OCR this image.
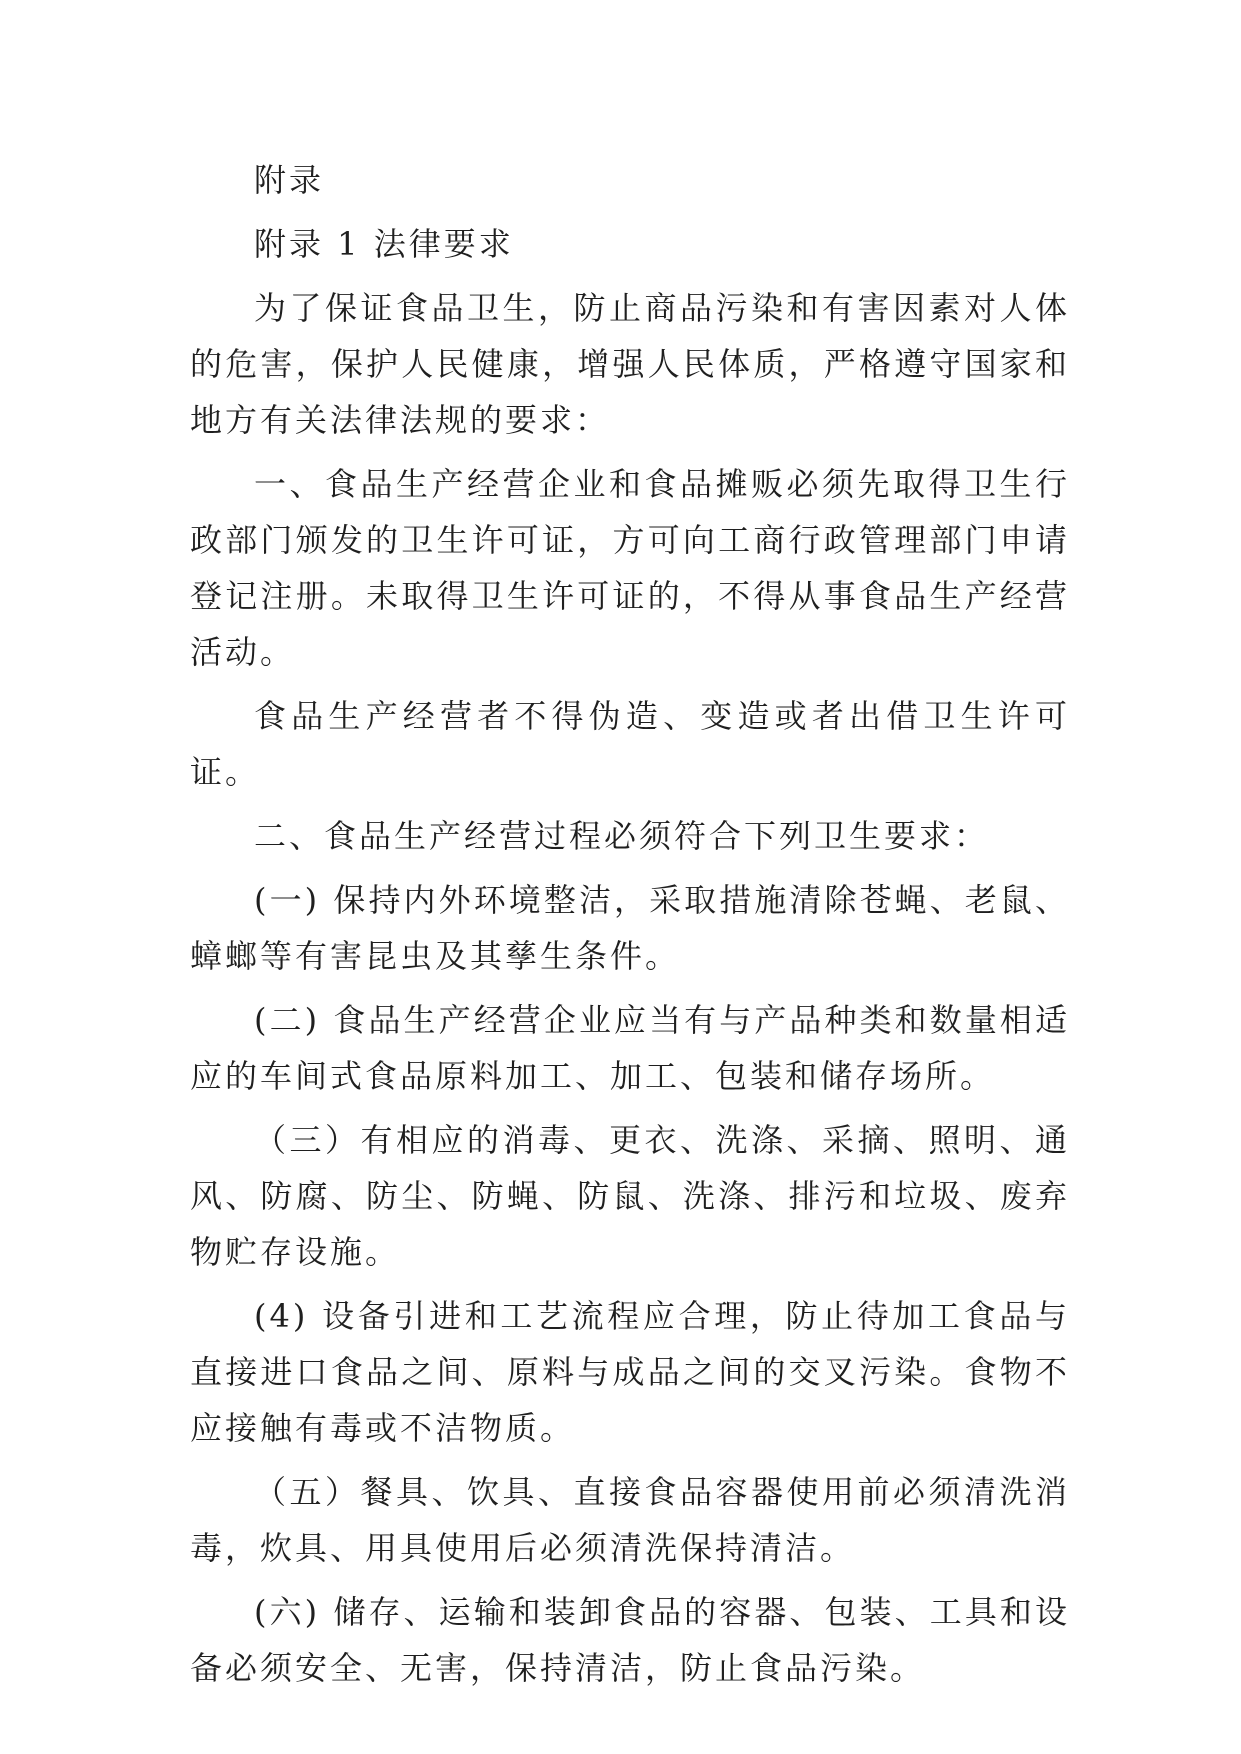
附录

附录 1 法律要求

为了保证食品卫生，防止商品污染和有害因素对人体的危害，保护人民健康，增强人民体质，严格遵守国家和地方有关法律法规的要求：

一、食品生产经营企业和食品摊贩必须先取得卫生行政部门颁发的卫生许可证，方可向工商行政管理部门申请登记注册。未取得卫生许可证的，不得从事食品生产经营活动。

食品生产经营者不得伪造、变造或者出借卫生许可证。

二、食品生产经营过程必须符合下列卫生要求：

(一) 保持内外环境整洁，采取措施清除苍蝇、老鼠、蟑螂等有害昆虫及其孳生条件。

(二) 食品生产经营企业应当有与产品种类和数量相适应的车间式食品原料加工、加工、包装和储存场所。

（三）有相应的消毒、更衣、洗涤、采摘、照明、通风、防腐、防尘、防蝇、防鼠、洗涤、排污和垃圾、废弃物贮存设施。

(4) 设备引进和工艺流程应合理，防止待加工食品与直接进口食品之间、原料与成品之间的交叉污染。食物不应接触有毒或不洁物质。

（五）餐具、饮具、直接食品容器使用前必须清洗消毒，炊具、用具使用后必须清洗保持清洁。

(六) 储存、运输和装卸食品的容器、包装、工具和设备必须安全、无害，保持清洁，防止食品污染。
